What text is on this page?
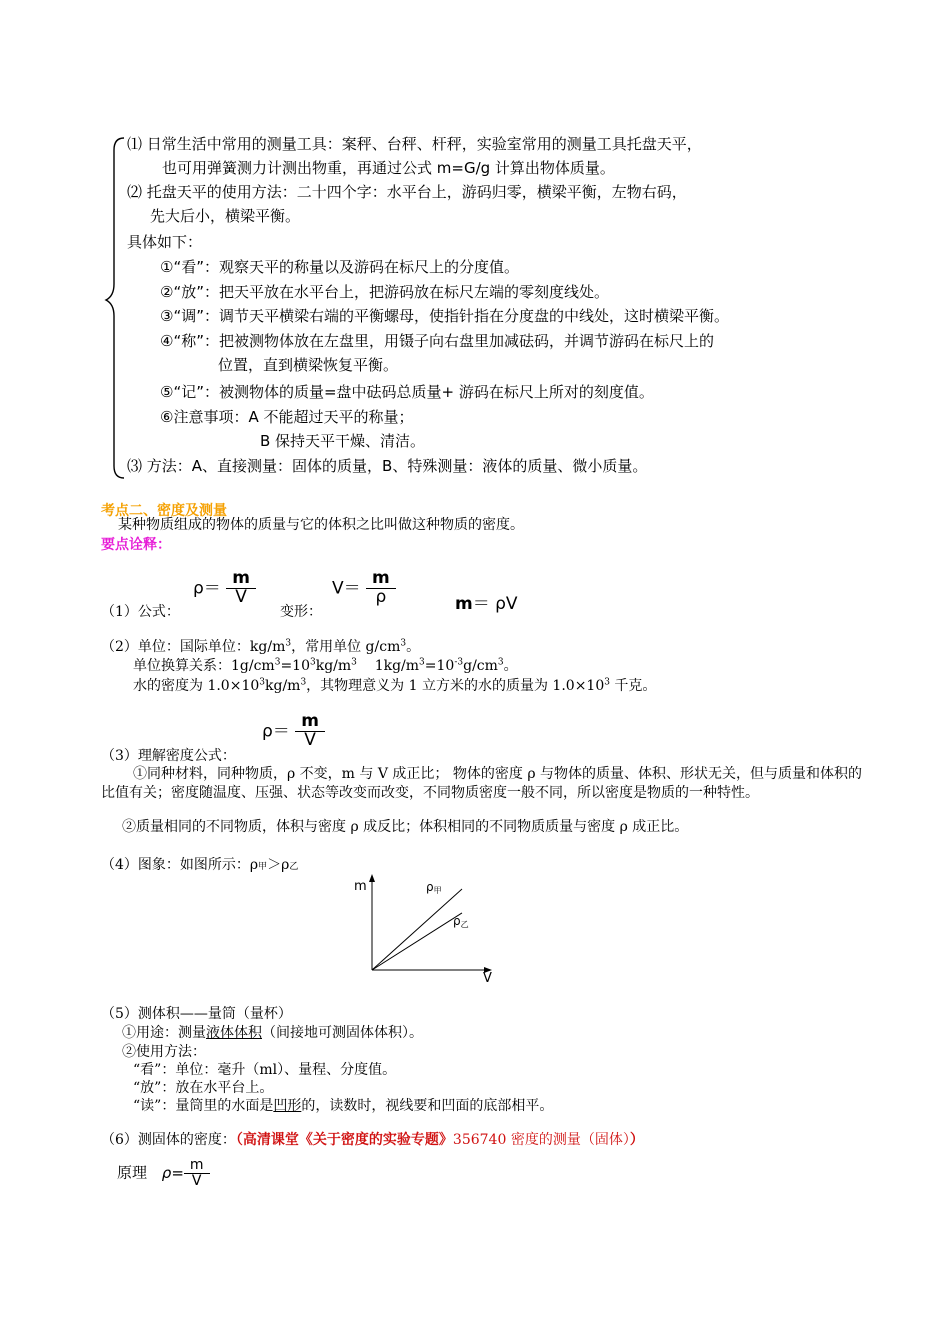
⑴ 日常生活中常用的测量工具：案秤、台秤、杆秤，实验室常用的测量工具托盘天平，
也可用弹簧测力计测出物重，再通过公式 m=G/g 计算出物体质量。
⑵ 托盘天平的使用方法：二十四个字：水平台上，游码归零，横梁平衡，左物右码，
先大后小，横梁平衡。
具体如下：
①“看”：观察天平的称量以及游码在标尺上的分度值。
②“放”：把天平放在水平台上，把游码放在标尺左端的零刻度线处。
③“调”：调节天平横梁右端的平衡螺母，使指针指在分度盘的中线处，这时横梁平衡。
④“称”：把被测物体放在左盘里，用镊子向右盘里加减砝码，并调节游码在标尺上的
位置，直到横梁恢复平衡。
⑤“记”：被测物体的质量=盘中砝码总质量+ 游码在标尺上所对的刻度值。
⑥注意事项：A 不能超过天平的称量；
B 保持天平干燥、清洁。
⑶ 方法：A、直接测量：固体的质量，B、特殊测量：液体的质量、微小质量。
考点二、密度及测量
某种物质组成的物体的质量与它的体积之比叫做这种物质的密度。
要点诠释：
（1）公式：
$\rho= \frac{m}{V}$
变形：
$V= \frac{m}{\rho}$	m＝ ρV
（2）单位：国际单位：$kg/m^3$，常用单位 $g/cm^3$。
单位换算关系：$1g/cm^3=10^3kg/m^3$    $1kg/m^3=10^{-3}g/cm^3$。
水的密度为 $1.0\times 10^3kg/m^3$，其物理意义为 1 立方米的水的质量为 $1.0\times 10^3$ 千克。
$\rho= \frac{m}{V}$
（3）理解密度公式：
①同种材料，同种物质，ρ 不变，m 与 V 成正比； 物体的密度 ρ 与物体的质量、体积、形状无关，但与质量和体积的比值有关；密度随温度、压强、状态等改变而改变，不同物质密度一般不同，所以密度是物质的一种特性。
②质量相同的不同物质，体积与密度 ρ 成反比；体积相同的不同物质质量与密度 ρ 成正比。
（4）图象：如图所示：ρ甲＞ρ乙
m
V
ρ甲
ρ乙
（5）测体积——量筒（量杯）
①用途：测量液体体积（间接地可测固体体积）。
②使用方法：
“看”：单位：毫升（ml）、量程、分度值。
“放”：放在水平台上。
“读”：量筒里的水面是凹形的，读数时，视线要和凹面的底部相平。
（6）测固体的密度：（高清课堂《关于密度的实验专题》356740 密度的测量（固体））
原理 $\rho= \frac{m}{V}$
